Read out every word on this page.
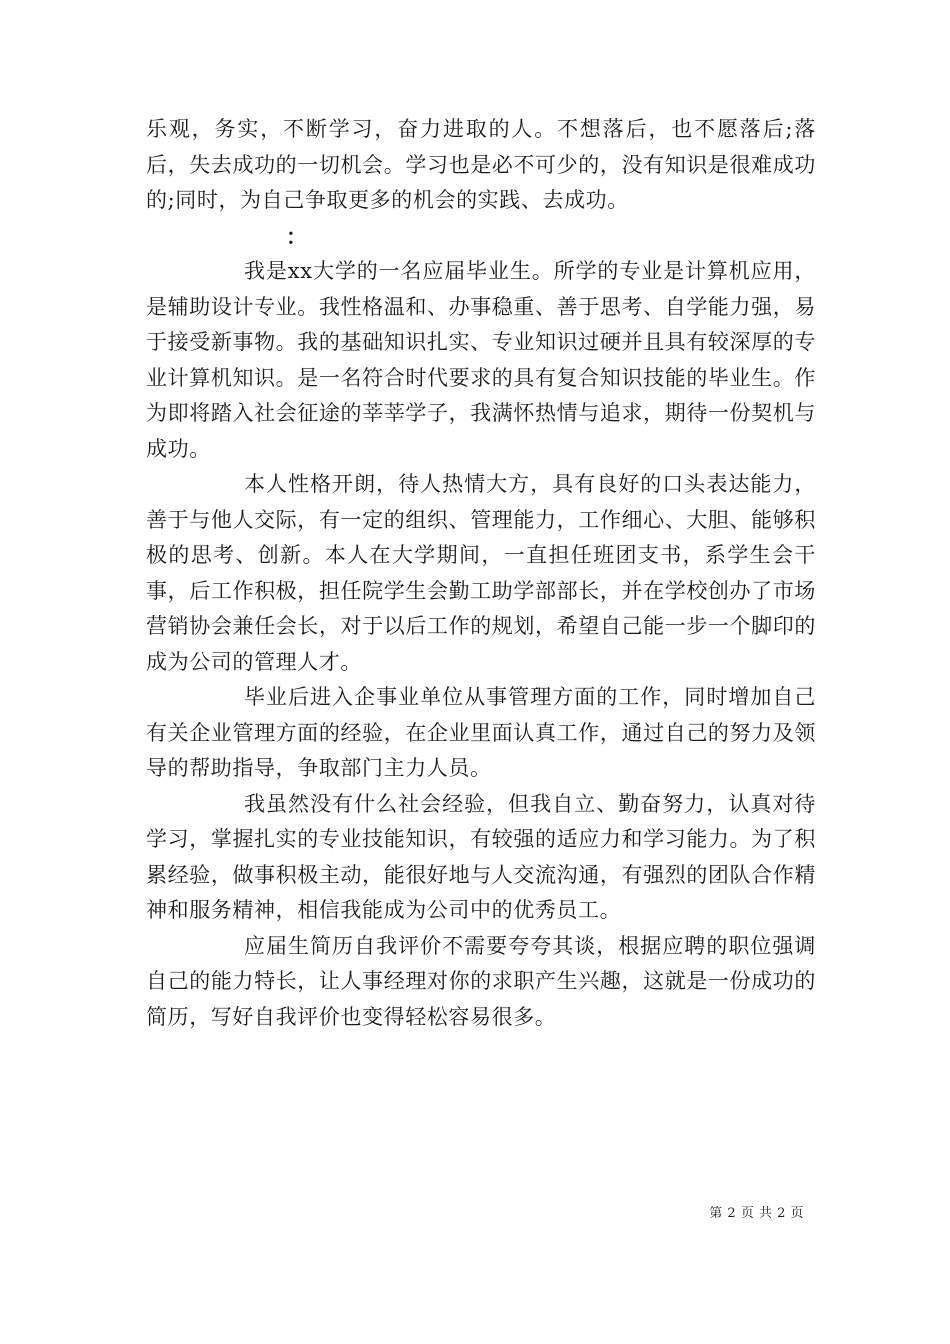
乐观，务实，不断学习，奋力进取的人。不想落后，也不愿落后;落后，失去成功的一切机会。学习也是必不可少的，没有知识是很难成功的;同时，为自己争取更多的机会的实践、去成功。

：

我是xx大学的一名应届毕业生。所学的专业是计算机应用，是辅助设计专业。我性格温和、办事稳重、善于思考、自学能力强，易于接受新事物。我的基础知识扎实、专业知识过硬并且具有较深厚的专业计算机知识。是一名符合时代要求的具有复合知识技能的毕业生。作为即将踏入社会征途的莘莘学子，我满怀热情与追求，期待一份契机与成功。

本人性格开朗，待人热情大方，具有良好的口头表达能力，善于与他人交际，有一定的组织、管理能力，工作细心、大胆、能够积极的思考、创新。本人在大学期间，一直担任班团支书，系学生会干事，后工作积极，担任院学生会勤工助学部部长，并在学校创办了市场营销协会兼任会长，对于以后工作的规划，希望自己能一步一个脚印的成为公司的管理人才。

毕业后进入企事业单位从事管理方面的工作，同时增加自己有关企业管理方面的经验，在企业里面认真工作，通过自己的努力及领导的帮助指导，争取部门主力人员。

我虽然没有什么社会经验，但我自立、勤奋努力，认真对待学习，掌握扎实的专业技能知识，有较强的适应力和学习能力。为了积累经验，做事积极主动，能很好地与人交流沟通，有强烈的团队合作精神和服务精神，相信我能成为公司中的优秀员工。

应届生简历自我评价不需要夸夸其谈，根据应聘的职位强调自己的能力特长，让人事经理对你的求职产生兴趣，这就是一份成功的简历，写好自我评价也变得轻松容易很多。

第 2 页 共 2 页
